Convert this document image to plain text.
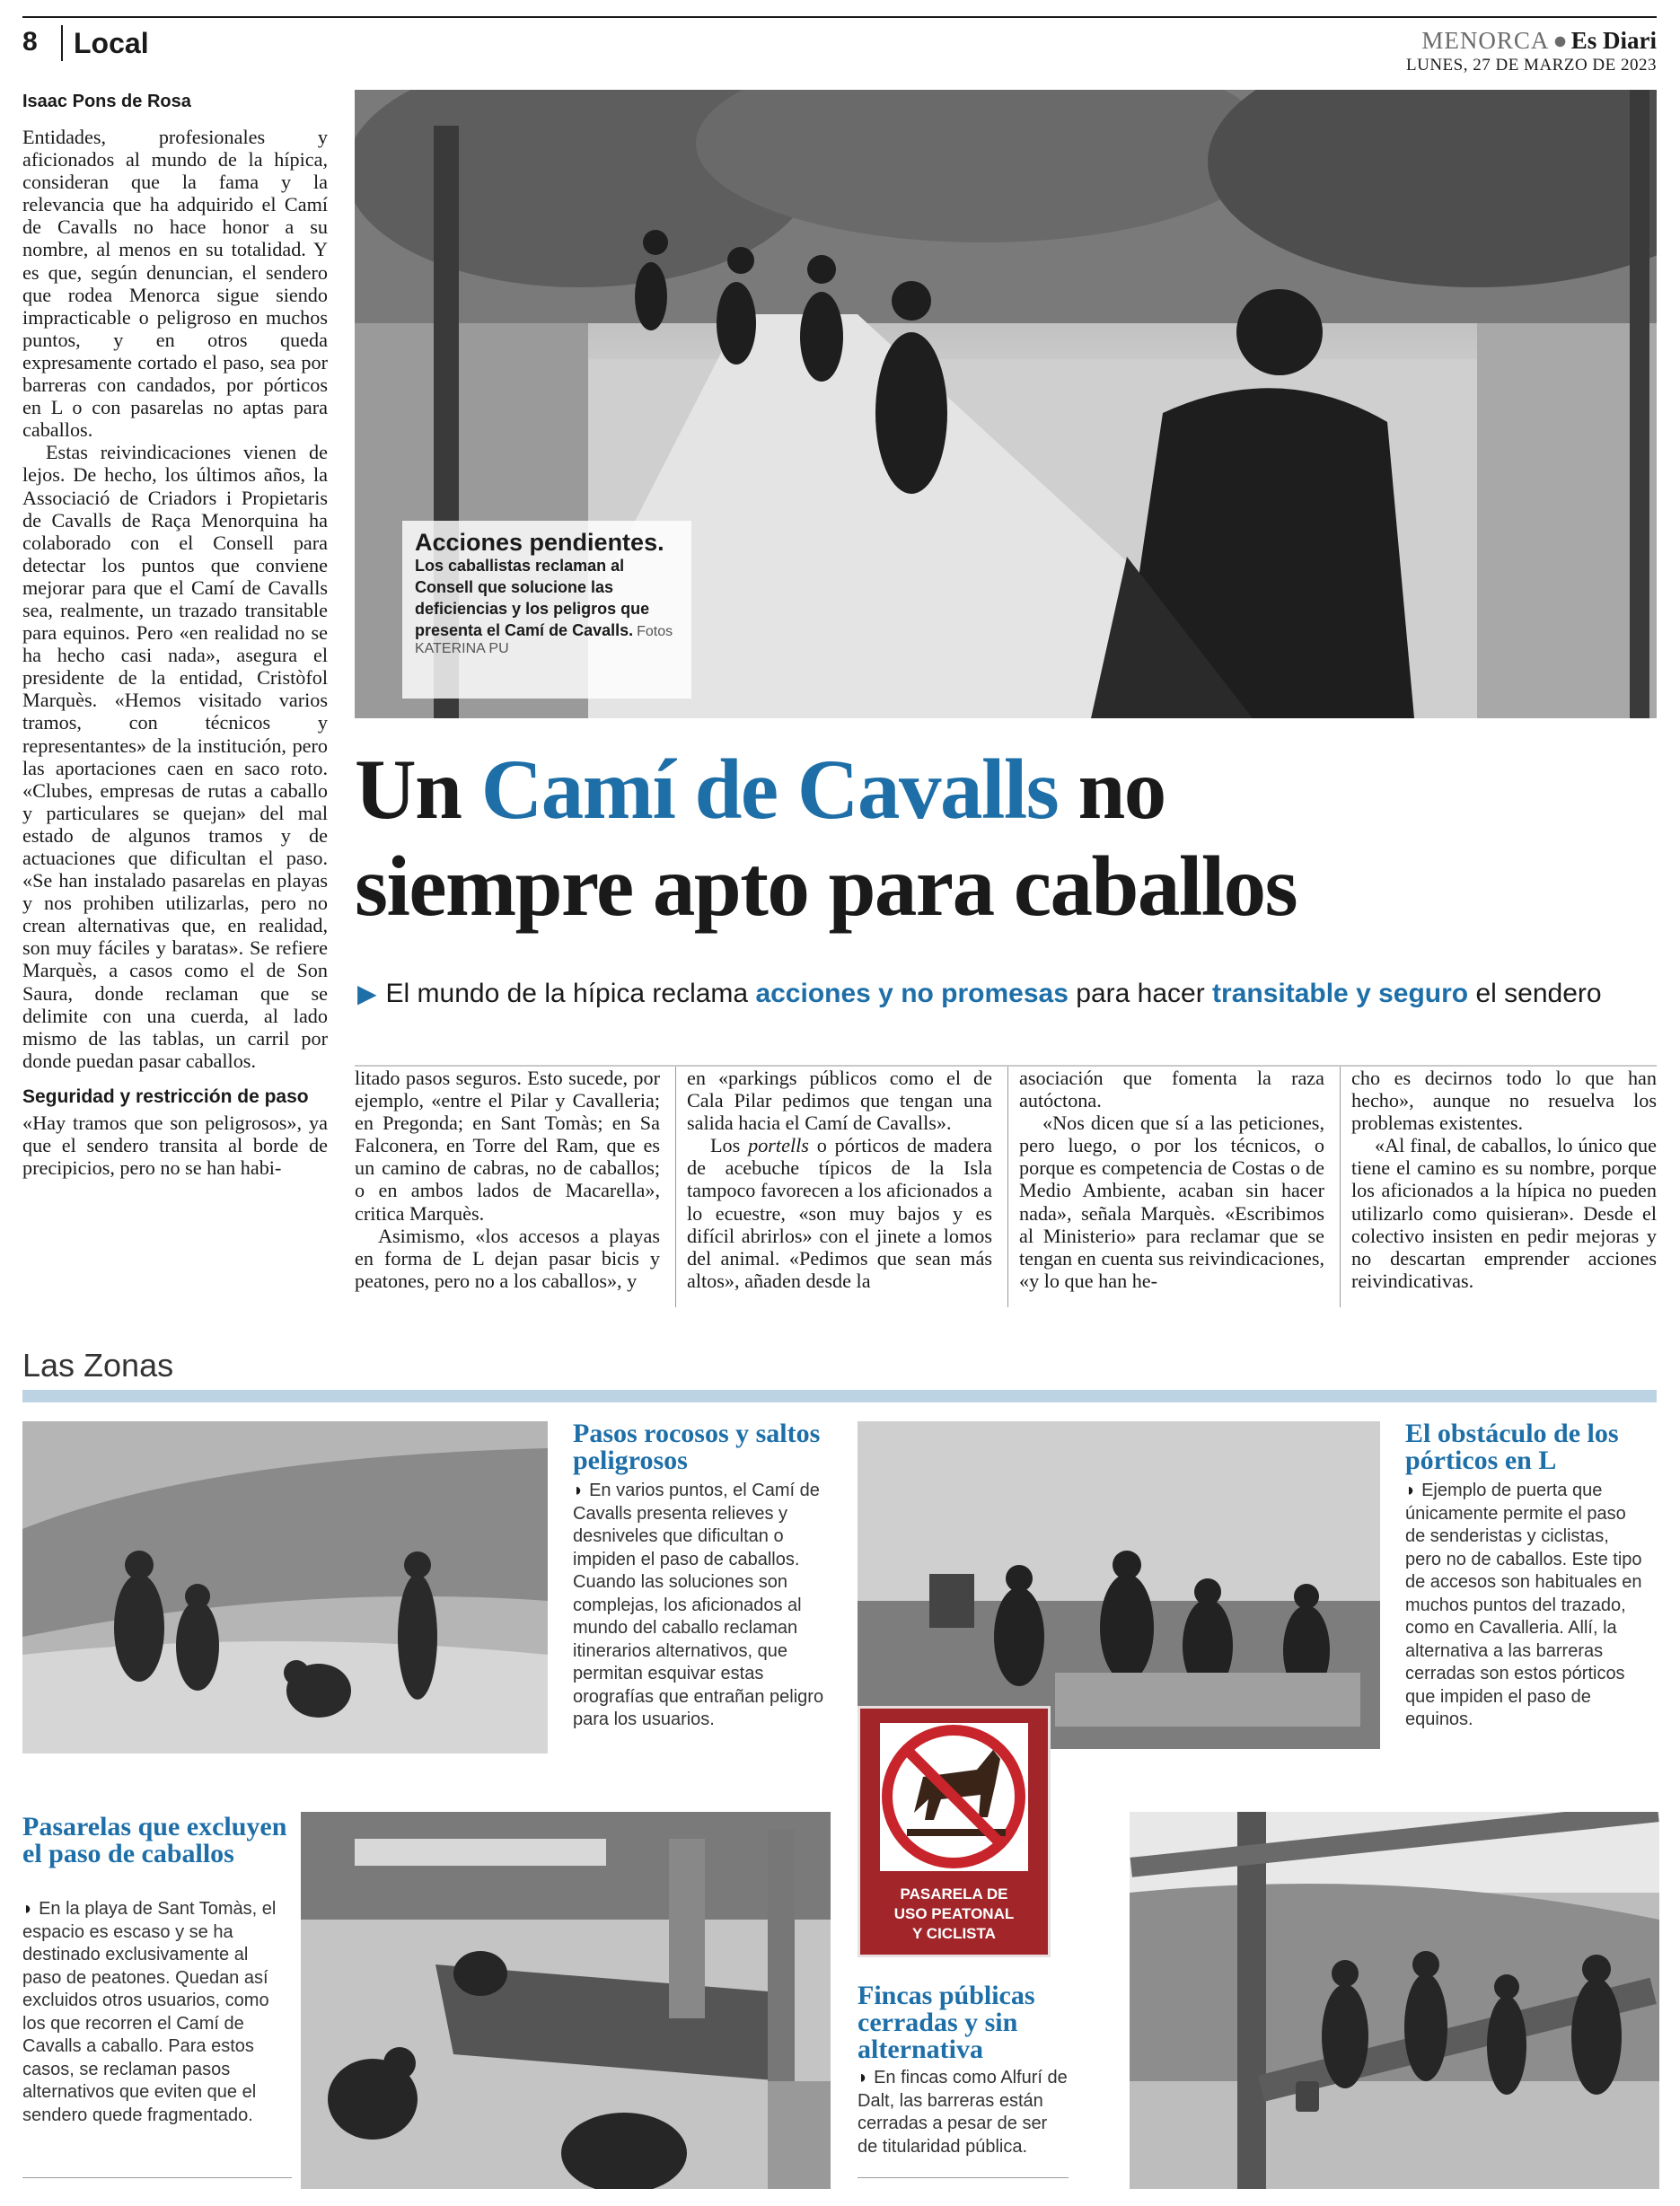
8 Local	MENORCA ● Es Diari
LUNES, 27 DE MARZO DE 2023
Isaac Pons de Rosa

Entidades, profesionales y aficionados al mundo de la hípica, consideran que la fama y la relevancia que ha adquirido el Camí de Cavalls no hace honor a su nombre, al menos en su totalidad. Y es que, según denuncian, el sendero que rodea Menorca sigue siendo impracticable o peligroso en muchos puntos, y en otros queda expresamente cortado el paso, sea por barreras con candados, por pórticos en L o con pasarelas no aptas para caballos.

Estas reivindicaciones vienen de lejos. De hecho, los últimos años, la Associació de Criadors i Propietaris de Cavalls de Raça Menorquina ha colaborado con el Consell para detectar los puntos que conviene mejorar para que el Camí de Cavalls sea, realmente, un trazado transitable para equinos. Pero «en realidad no se ha hecho casi nada», asegura el presidente de la entidad, Cristòfol Marquès. «Hemos visitado varios tramos, con técnicos y representantes» de la institución, pero las aportaciones caen en saco roto. «Clubes, empresas de rutas a caballo y particulares se quejan» del mal estado de algunos tramos y de actuaciones que dificultan el paso. «Se han instalado pasarelas en playas y nos prohiben utilizarlas, pero no crean alternativas que, en realidad, son muy fáciles y baratas». Se refiere Marquès, a casos como el de Son Saura, donde reclaman que se delimite con una cuerda, al lado mismo de las tablas, un carril por donde puedan pasar caballos.

Seguridad y restricción de paso

«Hay tramos que son peligrosos», ya que el sendero transita al borde de precipicios, pero no se han habi-

Acciones pendientes.
Los caballistas reclaman al Consell que solucione las deficiencias y los peligros que presenta el Camí de Cavalls. Fotos KATERINA PU
Un Camí de Cavalls no
siempre apto para caballos
▶ El mundo de la hípica reclama acciones y no promesas para hacer transitable y seguro el sendero

litado pasos seguros. Esto sucede, por ejemplo, «entre el Pilar y Cavalleria; en Pregonda; en Sant Tomàs; en Sa Falconera, en Torre del Ram, que es un camino de cabras, no de caballos; o en ambos lados de Macarella», critica Marquès.

Asimismo, «los accesos a playas en forma de L dejan pasar bicis y peatones, pero no a los caballos», y

en «parkings públicos como el de Cala Pilar pedimos que tengan una salida hacia el Camí de Cavalls».

Los portells o pórticos de madera de acebuche típicos de la Isla tampoco favorecen a los aficionados a lo ecuestre, «son muy bajos y es difícil abrirlos» con el jinete a lomos del animal. «Pedimos que sean más altos», añaden desde la

asociación que fomenta la raza autóctona.

«Nos dicen que sí a las peticiones, pero luego, o por los técnicos, o porque es competencia de Costas o de Medio Ambiente, acaban sin hacer nada», señala Marquès. «Escribimos al Ministerio» para reclamar que se tengan en cuenta sus reivindicaciones, «y lo que han he-

cho es decirnos todo lo que han hecho», aunque no resuelva los problemas existentes.

«Al final, de caballos, lo único que tiene el camino es su nombre, porque los aficionados a la hípica no pueden utilizarlo como quisieran». Desde el colectivo insisten en pedir mejoras y no descartan emprender acciones reivindicativas.

Las Zonas
Pasos rocosos y saltos peligrosos
◗ En varios puntos, el Camí de Cavalls presenta relieves y desniveles que dificultan o impiden el paso de caballos. Cuando las soluciones son complejas, los aficionados al mundo del caballo reclaman itinerarios alternativos, que permitan esquivar estas orografías que entrañan peligro para los usuarios.
El obstáculo de los pórticos en L
◗ Ejemplo de puerta que únicamente permite el paso de senderistas y ciclistas, pero no de caballos. Este tipo de accesos son habituales en muchos puntos del trazado, como en Cavalleria. Allí, la alternativa a las barreras cerradas son estos pórticos que impiden el paso de equinos.
PASARELA DE
USO PEATONAL
Y CICLISTA
Pasarelas que excluyen el paso de caballos
◗ En la playa de Sant Tomàs, el espacio es escaso y se ha destinado exclusivamente al paso de peatones. Quedan así excluidos otros usuarios, como los que recorren el Camí de Cavalls a caballo. Para estos casos, se reclaman pasos alternativos que eviten que el sendero quede fragmentado.
Fincas públicas cerradas y sin alternativa
◗ En fincas como Alfurí de Dalt, las barreras están cerradas a pesar de ser de titularidad pública.
